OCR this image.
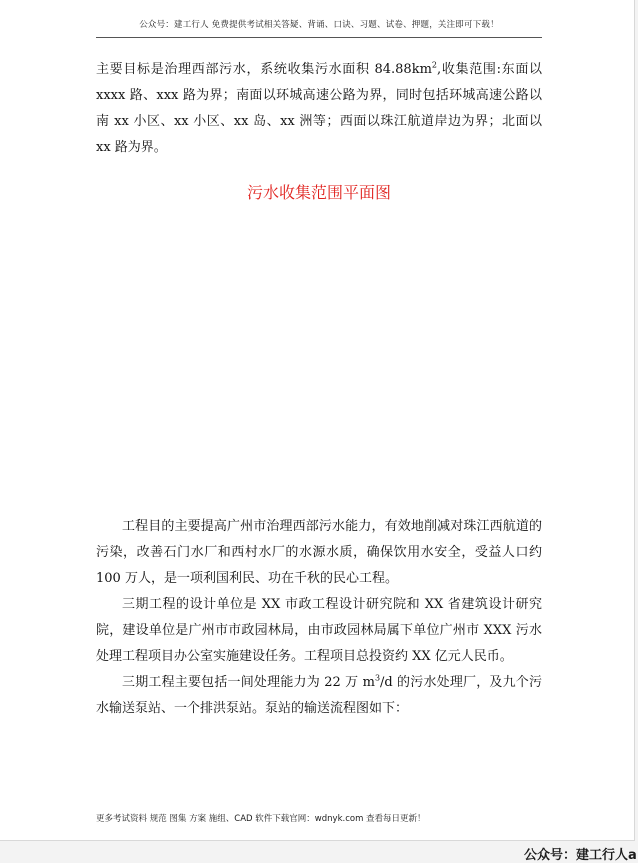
公众号：建工行人 免费提供考试相关答疑、背诵、口诀、习题、试卷、押题，关注即可下载！

主要目标是治理西部污水，系统收集污水面积 $84.88km^2$,收集范围:东面以 xxxx 路、xxx 路为界；南面以环城高速公路为界，同时包括环城高速公路以南 xx 小区、xx 小区、xx 岛、xx 洲等；西面以珠江航道岸边为界；北面以 xx 路为界。

污水收集范围平面图

工程目的主要提高广州市治理西部污水能力，有效地削减对珠江西航道的污染，改善石门水厂和西村水厂的水源水质，确保饮用水安全，受益人口约 100 万人，是一项利国利民、功在千秋的民心工程。

三期工程的设计单位是 XX 市政工程设计研究院和 XX 省建筑设计研究院，建设单位是广州市市政园林局，由市政园林局属下单位广州市 XXX 污水处理工程项目办公室实施建设任务。工程项目总投资约 XX 亿元人民币。

三期工程主要包括一间处理能力为 22 万 $m^3/d$ 的污水处理厂，及九个污水输送泵站、一个排洪泵站。泵站的输送流程图如下：

更多考试资料 规范 图集 方案 施组、CAD 软件下载官网：wdnyk.com 查看每日更新！
公众号：建工行人a
